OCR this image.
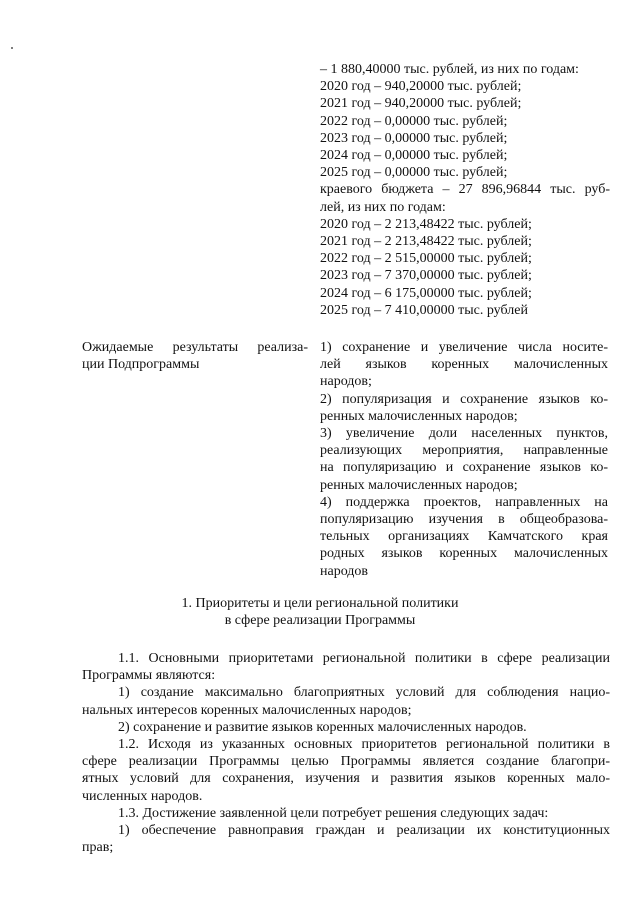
– 1 880,40000 тыс. рублей, из них по годам:
2020 год – 940,20000 тыс. рублей;
2021 год – 940,20000 тыс. рублей;
2022 год – 0,00000 тыс. рублей;
2023 год – 0,00000 тыс. рублей;
2024 год – 0,00000 тыс. рублей;
2025 год – 0,00000 тыс. рублей;
краевого бюджета – 27 896,96844 тыс. руб-
лей, из них по годам:
2020 год – 2 213,48422 тыс. рублей;
2021 год – 2 213,48422 тыс. рублей;
2022 год – 2 515,00000 тыс. рублей;
2023 год – 7 370,00000 тыс. рублей;
2024 год – 6 175,00000 тыс. рублей;
2025 год – 7 410,00000 тыс. рублей
Ожидаемые результаты реализа-
ции Подпрограммы
1) сохранение и увеличение числа носите-
лей языков коренных малочисленных
народов;
2) популяризация и сохранение языков ко-
ренных малочисленных народов;
3) увеличение доли населенных пунктов,
реализующих мероприятия, направленные
на популяризацию и сохранение языков ко-
ренных малочисленных народов;
4) поддержка проектов, направленных на
популяризацию изучения в общеобразова-
тельных организациях Камчатского края
родных языков коренных малочисленных
народов
1. Приоритеты и цели региональной политики
в сфере реализации Программы
1.1. Основными приоритетами региональной политики в сфере реализации
Программы являются:
1) создание максимально благоприятных условий для соблюдения нацио-
нальных интересов коренных малочисленных народов;
2) сохранение и развитие языков коренных малочисленных народов.
1.2. Исходя из указанных основных приоритетов региональной политики в
сфере реализации Программы целью Программы является создание благопри-
ятных условий для сохранения, изучения и развития языков коренных мало-
численных народов.
1.3. Достижение заявленной цели потребует решения следующих задач:
1) обеспечение равноправия граждан и реализации их конституционных
прав;
